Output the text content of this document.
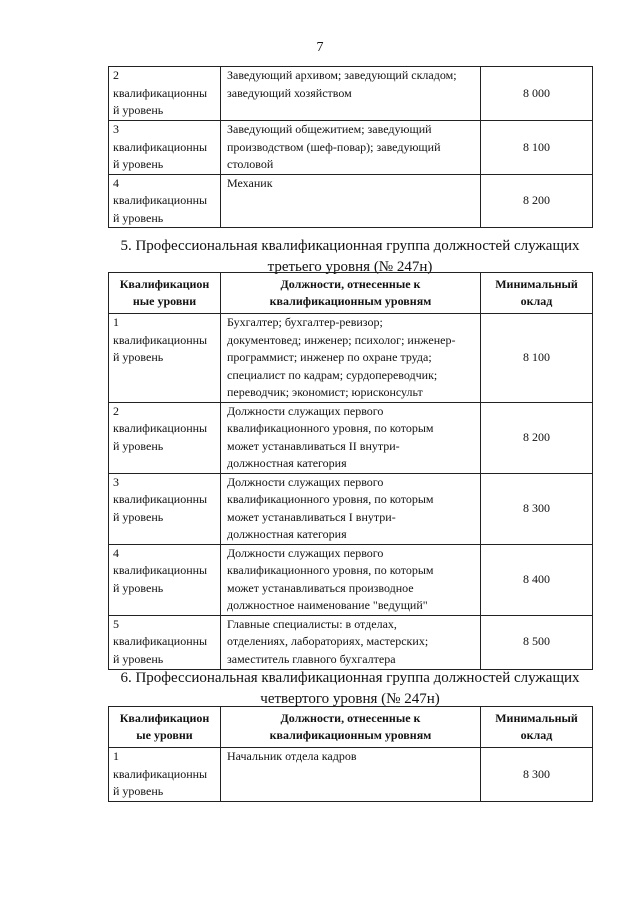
7
2
квалификационны
й уровень	Заведующий архивом; заведующий складом;
заведующий хозяйством	8 000
3
квалификационны
й уровень	Заведующий общежитием; заведующий
производством (шеф-повар); заведующий
столовой	8 100
4
квалификационны
й уровень	Механик	8 200
5. Профессиональная квалификационная группа должностей служащих
третьего уровня (№ 247н)
Квалификацион
ные уровни	Должности, отнесенные к
квалификационным уровням	Минимальный
оклад
1
квалификационны
й уровень	Бухгалтер; бухгалтер-ревизор;
документовед; инженер; психолог; инженер-
программист; инженер по охране труда;
специалист по кадрам; сурдопереводчик;
переводчик; экономист; юрисконсульт	8 100
2
квалификационны
й уровень	Должности служащих первого
квалификационного уровня, по которым
может устанавливаться II внутри-
должностная категория	8 200
3
квалификационны
й уровень	Должности служащих первого
квалификационного уровня, по которым
может устанавливаться I внутри-
должностная категория	8 300
4
квалификационны
й уровень	Должности служащих первого
квалификационного уровня, по которым
может устанавливаться производное
должностное наименование "ведущий"	8 400
5
квалификационны
й уровень	Главные специалисты: в отделах,
отделениях, лабораториях, мастерских;
заместитель главного бухгалтера	8 500
6. Профессиональная квалификационная группа должностей служащих
четвертого уровня (№ 247н)
Квалификацион
ые уровни	Должности, отнесенные к
квалификационным уровням	Минимальный
оклад
1
квалификационны
й уровень	Начальник отдела кадров	8 300
